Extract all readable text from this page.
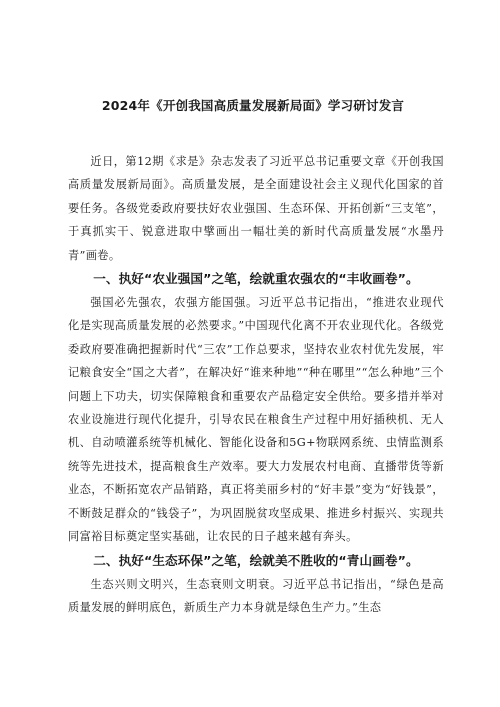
2024年《开创我国高质量发展新局面》学习研讨发言

近日，第12期《求是》杂志发表了习近平总书记重要文章《开创我国高质量发展新局面》。高质量发展，是全面建设社会主义现代化国家的首要任务。各级党委政府要扶好农业强国、生态环保、开拓创新“三支笔”，于真抓实干、锐意进取中擘画出一幅壮美的新时代高质量发展“水墨丹青”画卷。

一、执好“农业强国”之笔，绘就重农强农的“丰收画卷”。

强国必先强农，农强方能国强。习近平总书记指出，“推进农业现代化是实现高质量发展的必然要求。”中国现代化离不开农业现代化。各级党委政府要准确把握新时代“三农”工作总要求，坚持农业农村优先发展，牢记粮食安全“国之大者”，在解决好“谁来种地”“种在哪里”“怎么种地”三个问题上下功夫，切实保障粮食和重要农产品稳定安全供给。要多措并举对农业设施进行现代化提升，引导农民在粮食生产过程中用好插秧机、无人机、自动喷灌系统等机械化、智能化设备和5G+物联网系统、虫情监测系统等先进技术，提高粮食生产效率。要大力发展农村电商、直播带货等新业态，不断拓宽农产品销路，真正将美丽乡村的“好丰景”变为“好钱景”，不断鼓足群众的“钱袋子”，为巩固脱贫攻坚成果、推进乡村振兴、实现共同富裕目标奠定坚实基础，让农民的日子越来越有奔头。

二、执好“生态环保”之笔，绘就美不胜收的“青山画卷”。

生态兴则文明兴，生态衰则文明衰。习近平总书记指出，“绿色是高质量发展的鲜明底色，新质生产力本身就是绿色生产力。”生态
